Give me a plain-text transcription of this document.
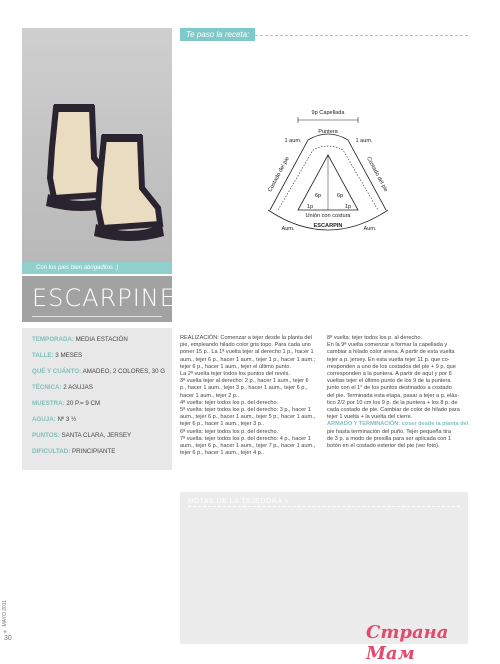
Te paso la receta:
Con los pies bien abrigaditos :)
ESCARPINES
TEMPORADA: MEDIA ESTACIÓN
TALLE: 3 MESES
QUÉ Y CUÁNTO: AMADEO, 2 COLORES, 30 G
TÉCNICA: 2 AGUJAS
MUESTRA: 20 P.= 9 CM
AGUJA: Nº 3 ½
PUNTOS: SANTA CLARA, JERSEY
DIFICULTAD: PRINCIPIANTE
9p Capellada
Puntera
1 aum.	1 aum.
Costado del pie	Costado del pie
6p	6p
1p	1p
Unión con costura
ESCARPIN
Aum.	Aum.
REALIZACIÓN: Comenzar a tejer desde la planta del
pie, empleando hilado color gris topo. Para cada uno
poner 15 p.. La 1ª vuelta tejer al derecho 1 p., hacer 1
aum., tejer 6 p., hacer 1 aum., tejer 1 p., hacer 1 aum.;
tejer 6 p., hacer 1 aum., tejer el último punto.
La 2ª vuelta tejer todos los puntos del revés.
3ª vuelta tejer al derecho: 2 p., hacer 1 aum., tejer 6
p., hacer 1 aum., tejer 3 p., hacer 1 aum., tejer 6 p.,
hacer 1 aum., tejer 2 p..
4ª vuelta: tejer todos los p. del derecho.
5ª vuelta: tejer todos los p. del derecho: 3 p., hacer 1
aum., tejer 6 p., hacer 1 aum., tejer 5 p., hacer 1 aum.,
tejer 6 p., hacer 1 aum., tejer 3 p..
6ª vuelta: tejer todos los p. del derecho.
7ª vuelta: tejer todos los p. del derecho: 4 p., hacer 1
aum., tejer 6 p., hacer 1 aum., tejer 7 p., hacer 1 aum.,
tejer 6 p., hacer 1 aum., tejer 4 p..
8ª vuelta: tejer todos los p. al derecho.
En la 9ª vuelta comenzar a formar la capellada y
cambiar a hilado color arena. A partir de esta vuelta
tejer a p. jersey. En esta vuelta tejer 11 p. que co-
rresponden a uno de los costados del pie + 9 p. que
corresponden a la puntera. A partir de aquí y por 6
vueltas tejer el último punto de los 9 de la puntera
junto con el 1° de los puntos destinados a costado
del pie. Terminada esta etapa, pasar a tejer a p. elás-
tico 2/2 por 10 cm los 9 p. de la puntera + los 8 p. de
cada costado de pie. Cambiar de color de hilado para
tejer 1 vuelta + la vuelta del cierre.
ARMADO Y TERMINACIÓN: coser desde la planta del
pie hasta terminación del puño. Tejer pequeña tira
de 3 p. a modo de presilla para ser aplicada con 1
botón en el costado exterior del pie (ver foto).
NOTAS DE LA TEJEDORA »
✈ MAYO 2011
30	Страна Мам
